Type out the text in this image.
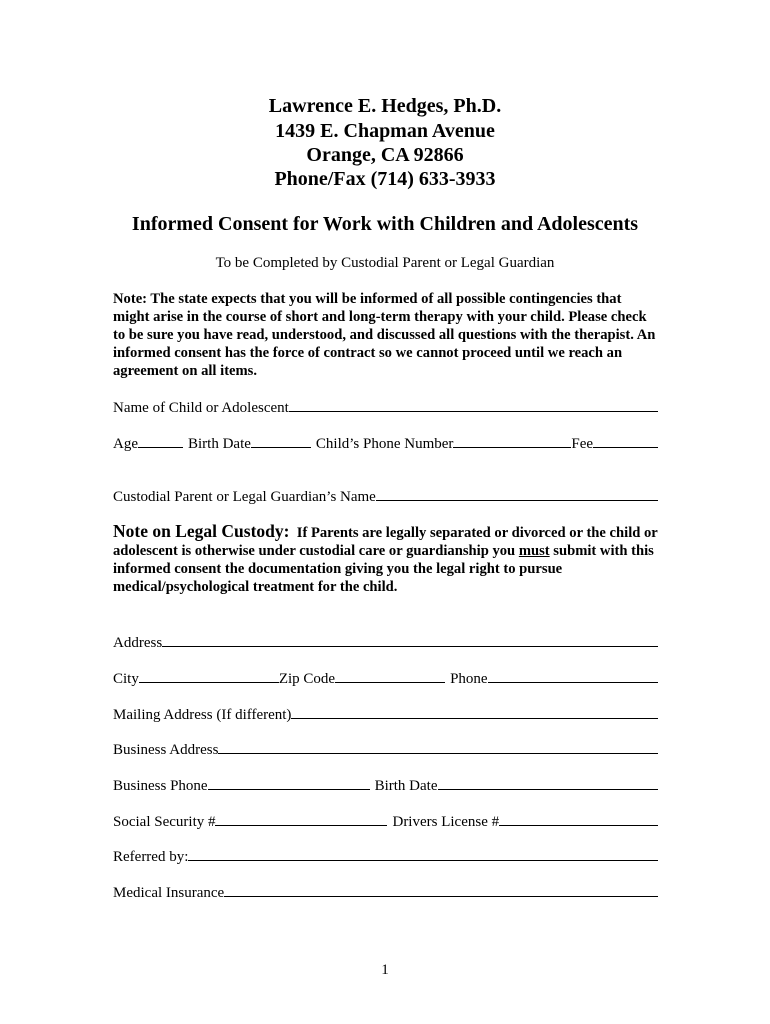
Lawrence E. Hedges, Ph.D.
1439 E. Chapman Avenue
Orange, CA 92866
Phone/Fax (714) 633-3933
Informed Consent for Work with Children and Adolescents
To be Completed by Custodial Parent or Legal Guardian

Note: The state expects that you will be informed of all possible contingencies that might arise in the course of short and long-term therapy with your child. Please check to be sure you have read, understood, and discussed all questions with the therapist. An informed consent has the force of contract so we cannot proceed until we reach an agreement on all items.

Name of Child or Adolescent
Age	Birth Date	Child’s Phone Number	Fee
Custodial Parent or Legal Guardian’s Name

Note on Legal Custody: If Parents are legally separated or divorced or the child or adolescent is otherwise under custodial care or guardianship you must submit with this informed consent the documentation giving you the legal right to pursue medical/psychological treatment for the child.

Address
City	Zip Code	Phone
Mailing Address (If different)
Business Address
Business Phone	Birth Date
Social Security #	Drivers License #
Referred by:
Medical Insurance
1
